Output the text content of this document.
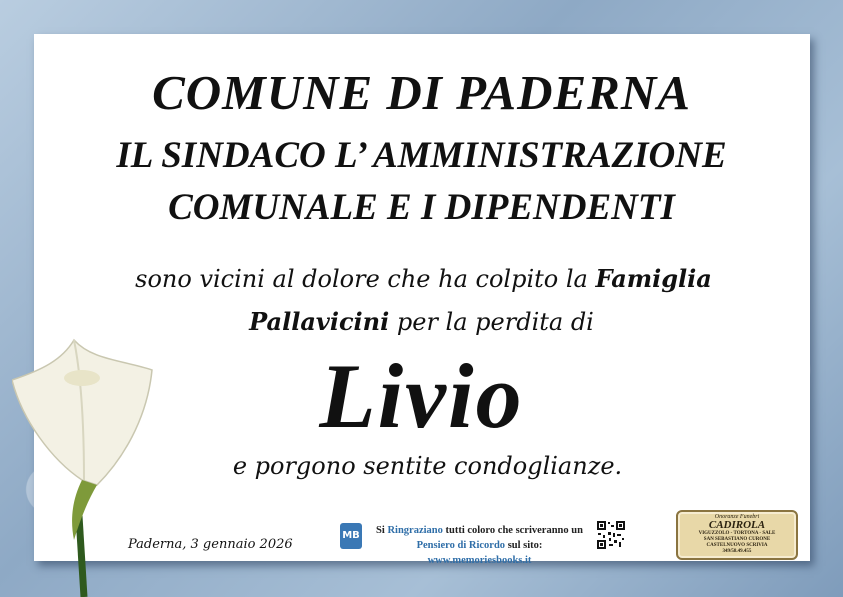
COMUNE DI PADERNA
IL SINDACO L’ AMMINISTRAZIONE
COMUNALE E I DIPENDENTI
sono vicini al dolore che ha colpito la Famiglia
Pallavicini per la perdita di
Livio
e porgono sentite condoglianze.
Paderna, 3 gennaio 2026
MB	Si Ringraziano tutti coloro che scriveranno un
Pensiero di Ricordo sul sito: www.memoriesbooks.it
Onoranze Funebri
CADIROLA
VIGUZZOLO - TORTONA - SALE
SAN SEBASTIANO CURONE
CASTELNUOVO SCRIVIA
349/58.49.455
